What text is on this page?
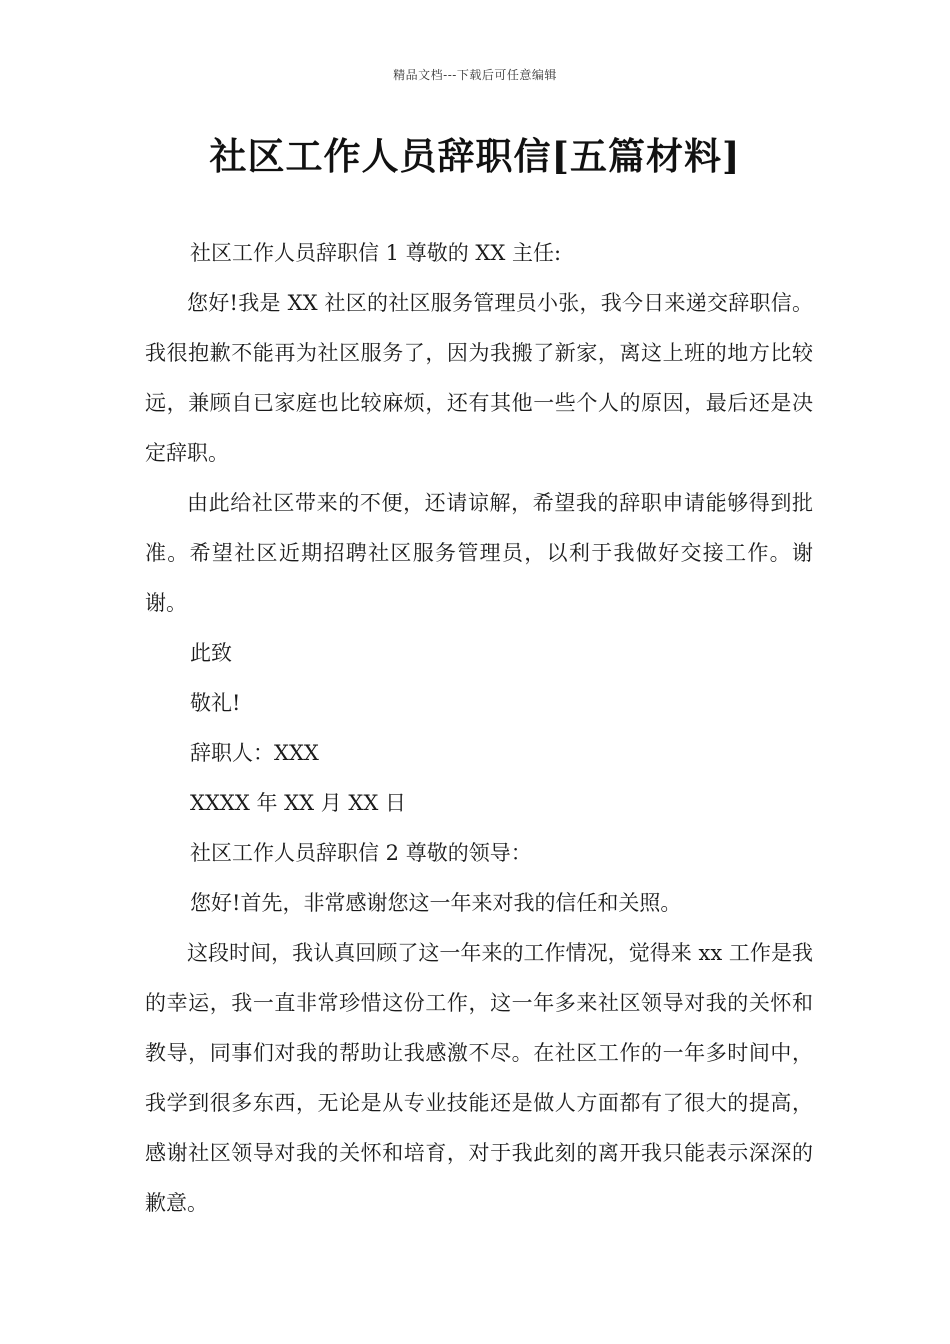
精品文档---下载后可任意编辑
社区工作人员辞职信[五篇材料]

社区工作人员辞职信 1 尊敬的 XX 主任:

您好!我是 XX 社区的社区服务管理员小张，我今日来递交辞职信。我很抱歉不能再为社区服务了，因为我搬了新家，离这上班的地方比较远，兼顾自已家庭也比较麻烦，还有其他一些个人的原因，最后还是决定辞职。

由此给社区带来的不便，还请谅解，希望我的辞职申请能够得到批准。希望社区近期招聘社区服务管理员，以利于我做好交接工作。谢谢。

此致

敬礼!

辞职人：XXX

XXXX 年 XX 月 XX 日

社区工作人员辞职信 2 尊敬的领导：

您好!首先，非常感谢您这一年来对我的信任和关照。

这段时间，我认真回顾了这一年来的工作情况，觉得来 xx 工作是我的幸运，我一直非常珍惜这份工作，这一年多来社区领导对我的关怀和教导，同事们对我的帮助让我感激不尽。在社区工作的一年多时间中，我学到很多东西，无论是从专业技能还是做人方面都有了很大的提高，感谢社区领导对我的关怀和培育，对于我此刻的离开我只能表示深深的歉意。
